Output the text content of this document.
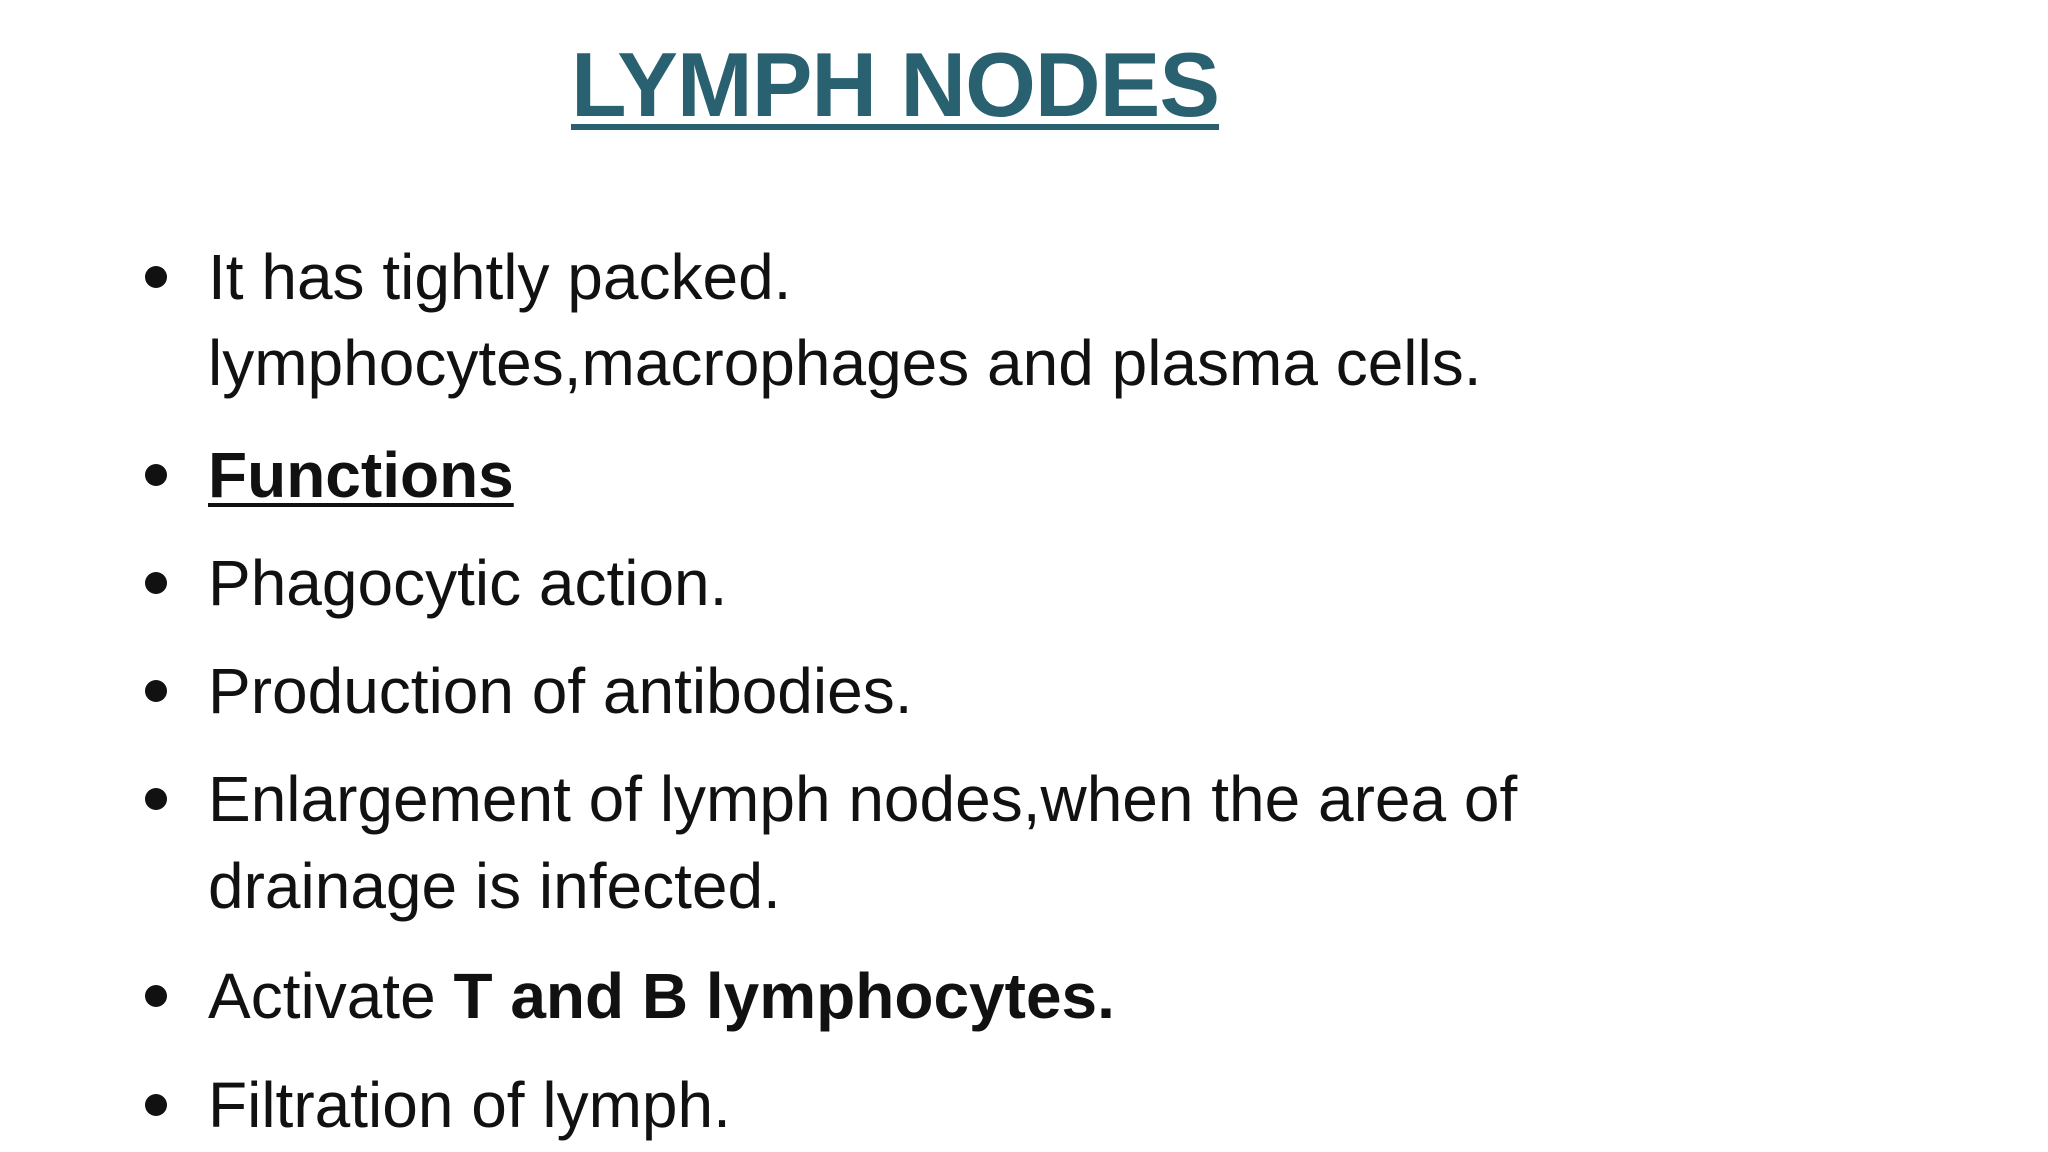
LYMPH NODES
It has tightly packed.
lymphocytes,macrophages and plasma cells.
Functions
Phagocytic action.
Production of antibodies.
Enlargement of lymph nodes,when the area of
drainage is infected.
Activate T and B lymphocytes.
Filtration of lymph.
